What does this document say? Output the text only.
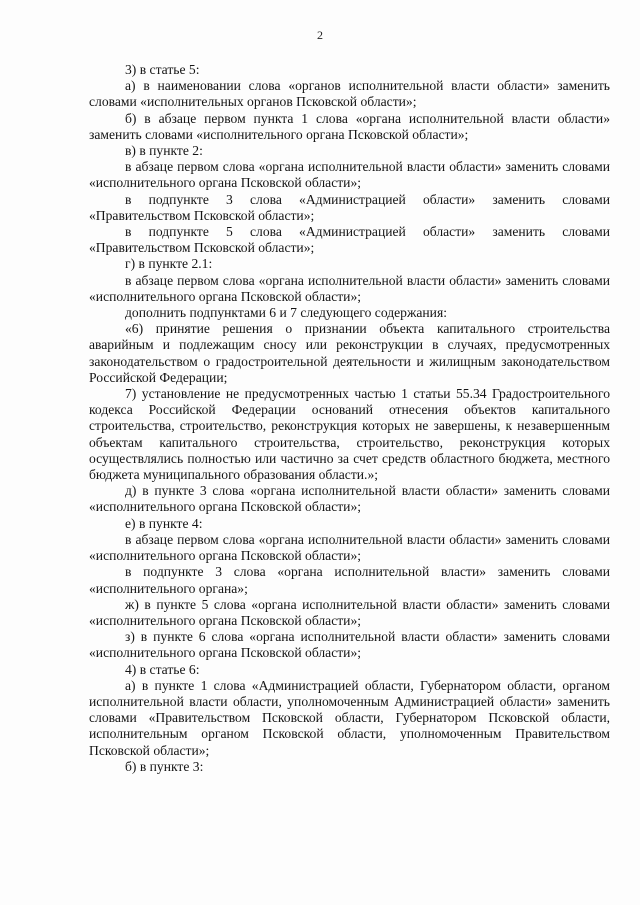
2

3) в статье 5:

а) в наименовании слова «органов исполнительной власти области» заменить словами «исполнительных органов Псковской области»;

б) в абзаце первом пункта 1 слова «органа исполнительной власти области» заменить словами «исполнительного органа Псковской области»;

в) в пункте 2:

в абзаце первом слова «органа исполнительной власти области» заменить словами «исполнительного органа Псковской области»;

в подпункте 3 слова «Администрацией области» заменить словами «Правительством Псковской области»;

в подпункте 5 слова «Администрацией области» заменить словами «Правительством Псковской области»;

г) в пункте 2.1:

в абзаце первом слова «органа исполнительной власти области» заменить словами «исполнительного органа Псковской области»;

дополнить подпунктами 6 и 7 следующего содержания:

«6) принятие решения о признании объекта капитального строительства аварийным и подлежащим сносу или реконструкции в случаях, предусмотренных законодательством о градостроительной деятельности и жилищным законодательством Российской Федерации;

7) установление не предусмотренных частью 1 статьи 55.34 Градостроительного кодекса Российской Федерации оснований отнесения объектов капитального строительства, строительство, реконструкция которых не завершены, к незавершенным объектам капитального строительства, строительство, реконструкция которых осуществлялись полностью или частично за счет средств областного бюджета, местного бюджета муниципального образования области.»;

д) в пункте 3 слова «органа исполнительной власти области» заменить словами «исполнительного органа Псковской области»;

е) в пункте 4:

в абзаце первом слова «органа исполнительной власти области» заменить словами «исполнительного органа Псковской области»;

в подпункте 3 слова «органа исполнительной власти» заменить словами «исполнительного органа»;

ж) в пункте 5 слова «органа исполнительной власти области» заменить словами «исполнительного органа Псковской области»;

з) в пункте 6 слова «органа исполнительной власти области» заменить словами «исполнительного органа Псковской области»;

4) в статье 6:

а) в пункте 1 слова «Администрацией области, Губернатором области, органом исполнительной власти области, уполномоченным Администрацией области» заменить словами «Правительством Псковской области, Губернатором Псковской области, исполнительным органом Псковской области, уполномоченным Правительством Псковской области»;

б) в пункте 3:
